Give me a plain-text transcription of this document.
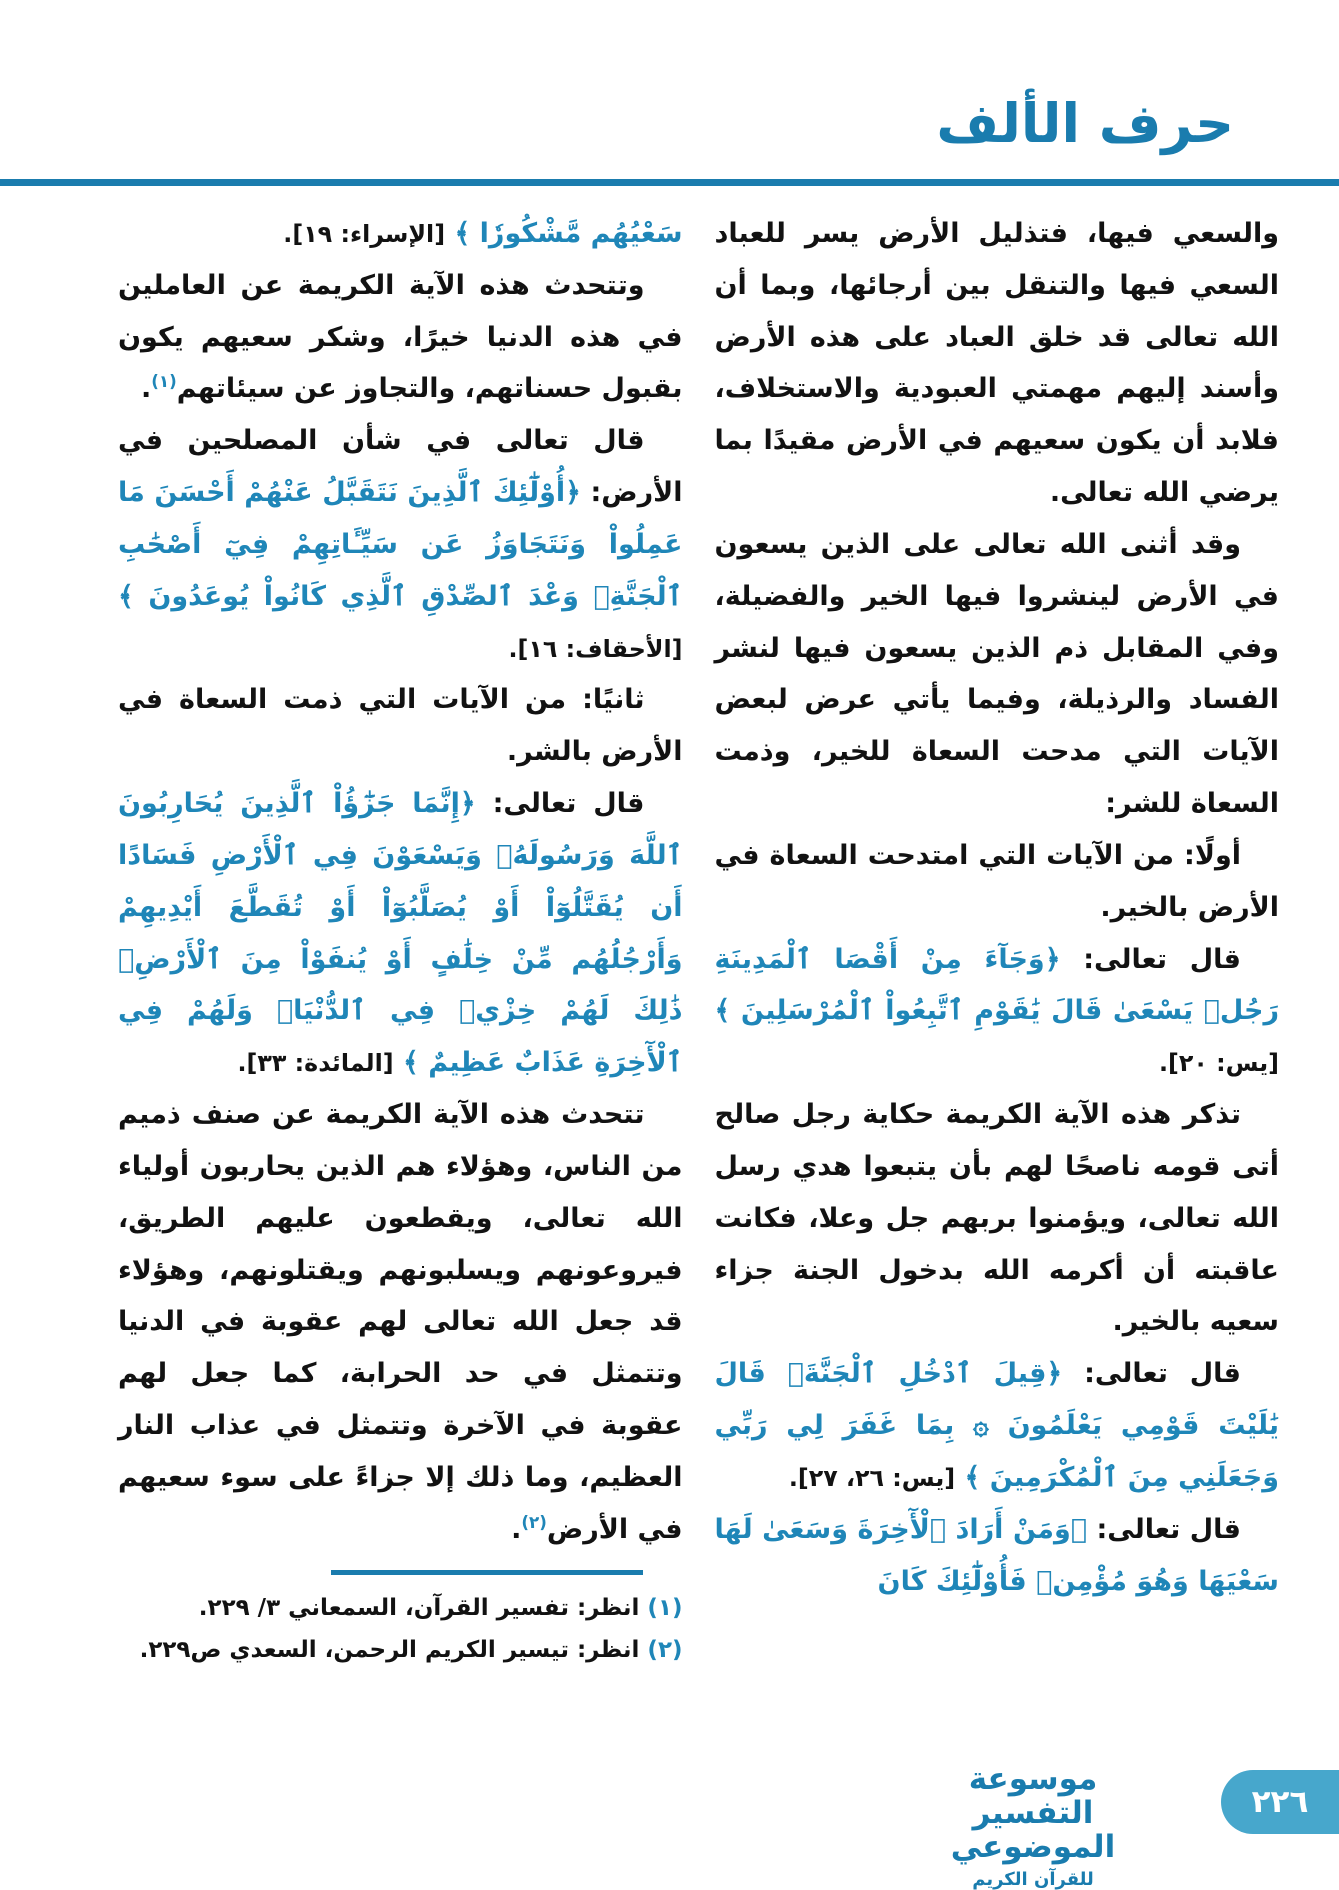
حرف الألف

والسعي فيها، فتذليل الأرض يسر للعباد السعي فيها والتنقل بين أرجائها، وبما أن الله تعالى قد خلق العباد على هذه الأرض وأسند إليهم مهمتي العبودية والاستخلاف، فلابد أن يكون سعيهم في الأرض مقيدًا بما يرضي الله تعالى.

وقد أثنى الله تعالى على الذين يسعون في الأرض لينشروا فيها الخير والفضيلة، وفي المقابل ذم الذين يسعون فيها لنشر الفساد والرذيلة، وفيما يأتي عرض لبعض الآيات التي مدحت السعاة للخير، وذمت السعاة للشر:

أولًا: من الآيات التي امتدحت السعاة في الأرض بالخير.

قال تعالى: ﴿وَجَآءَ مِنْ أَقْصَا ٱلْمَدِينَةِ رَجُلٞ يَسْعَىٰ قَالَ يَٰقَوْمِ ٱتَّبِعُواْ ٱلْمُرْسَلِينَ ﴾ [يس: ٢٠].

تذكر هذه الآية الكريمة حكاية رجل صالح أتى قومه ناصحًا لهم بأن يتبعوا هدي رسل الله تعالى، ويؤمنوا بربهم جل وعلا، فكانت عاقبته أن أكرمه الله بدخول الجنة جزاء سعيه بالخير.

قال تعالى: ﴿قِيلَ ٱدْخُلِ ٱلْجَنَّةَۖ قَالَ يَٰلَيْتَ قَوْمِي يَعْلَمُونَ ۞ بِمَا غَفَرَ لِي رَبِّي وَجَعَلَنِي مِنَ ٱلْمُكْرَمِينَ ﴾ [يس: ٢٦، ٢٧].

قال تعالى: ﴿وَمَنْ أَرَادَ ٱلْأٓخِرَةَ وَسَعَىٰ لَهَا سَعْيَهَا وَهُوَ مُؤْمِنٞ فَأُوْلَٰٓئِكَ كَانَ

سَعْيُهُم مَّشْكُورٗا ﴾ [الإسراء: ١٩].

وتتحدث هذه الآية الكريمة عن العاملين في هذه الدنيا خيرًا، وشكر سعيهم يكون بقبول حسناتهم، والتجاوز عن سيئاتهم$^{(١)}$.

قال تعالى في شأن المصلحين في الأرض: ﴿أُوْلَٰٓئِكَ ٱلَّذِينَ نَتَقَبَّلُ عَنْهُمْ أَحْسَنَ مَا عَمِلُواْ وَنَتَجَاوَزُ عَن سَيِّـَٔاتِهِمْ فِيٓ أَصْحَٰبِ ٱلْجَنَّةِۖ وَعْدَ ٱلصِّدْقِ ٱلَّذِي كَانُواْ يُوعَدُونَ ﴾ [الأحقاف: ١٦].

ثانيًا: من الآيات التي ذمت السعاة في الأرض بالشر.

قال تعالى: ﴿إِنَّمَا جَزَٰٓؤُاْ ٱلَّذِينَ يُحَارِبُونَ ٱللَّهَ وَرَسُولَهُۥ وَيَسْعَوْنَ فِي ٱلْأَرْضِ فَسَادًا أَن يُقَتَّلُوٓاْ أَوْ يُصَلَّبُوٓاْ أَوْ تُقَطَّعَ أَيْدِيهِمْ وَأَرْجُلُهُم مِّنْ خِلَٰفٍ أَوْ يُنفَوْاْ مِنَ ٱلْأَرْضِۚ ذَٰلِكَ لَهُمْ خِزْيٞ فِي ٱلدُّنْيَاۖ وَلَهُمْ فِي ٱلْأٓخِرَةِ عَذَابٌ عَظِيمٌ ﴾ [المائدة: ٣٣].

تتحدث هذه الآية الكريمة عن صنف ذميم من الناس، وهؤلاء هم الذين يحاربون أولياء الله تعالى، ويقطعون عليهم الطريق، فيروعونهم ويسلبونهم ويقتلونهم، وهؤلاء قد جعل الله تعالى لهم عقوبة في الدنيا وتتمثل في حد الحرابة، كما جعل لهم عقوبة في الآخرة وتتمثل في عذاب النار العظيم، وما ذلك إلا جزاءً على سوء سعيهم في الأرض$^{(٢)}$.

(١) انظر: تفسير القرآن، السمعاني ٣/ ٢٢٩.

(٢) انظر: تيسير الكريم الرحمن، السعدي ص٢٢٩.

موسوعة التفسير الموضوعي
للقرآن الكريم
٢٢٦
